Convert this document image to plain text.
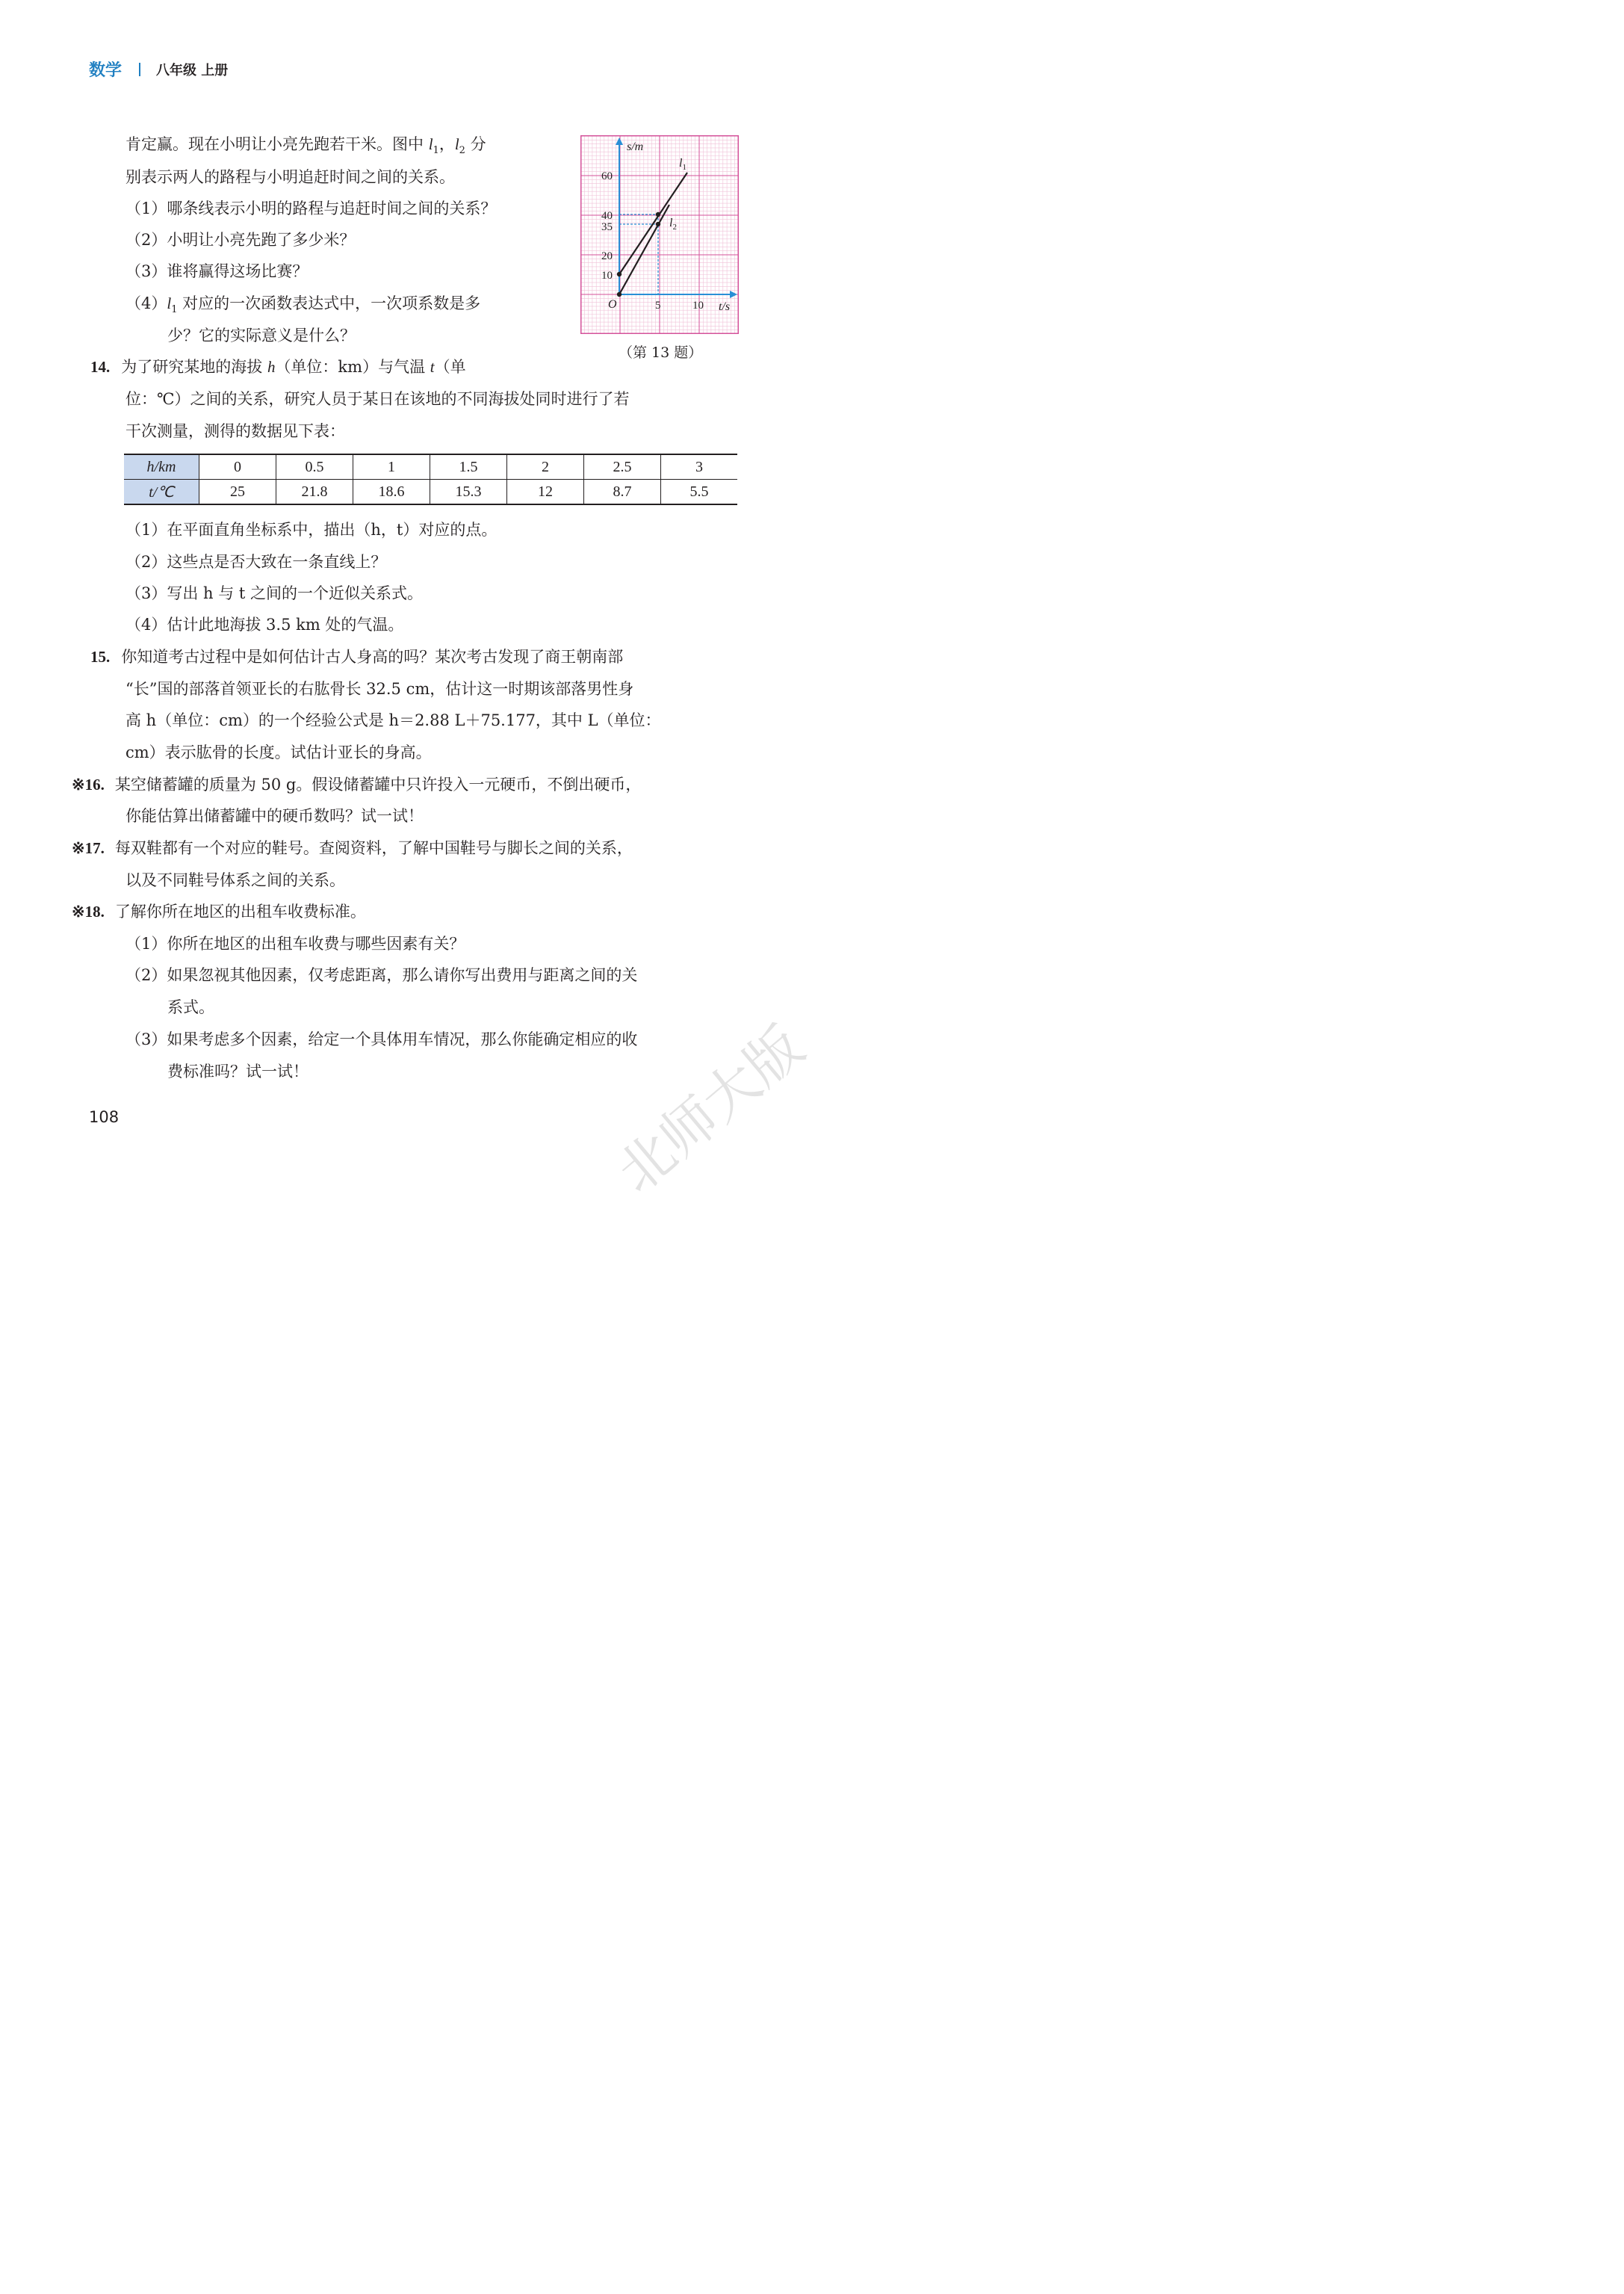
数学	八年级 上册
肯定赢。现在小明让小亮先跑若干米。图中 $l_1$，$l_2$ 分
别表示两人的路程与小明追赶时间之间的关系。
（1）哪条线表示小明的路程与追赶时间之间的关系？
（2）小明让小亮先跑了多少米？
（3）谁将赢得这场比赛？
$(4)l_1$ 对应的一次函数表达式中，一次项系数是多
少？它的实际意义是什么？
s/m
t/s
O
60
40
35
20
10
5	10
$l_1$
$l_2$
（第 13 题）
14. 为了研究某地的海拔 h（单位：km）与气温 t（单
位：℃）之间的关系，研究人员于某日在该地的不同海拔处同时进行了若
干次测量，测得的数据见下表：
h/km	0	0.5	1	1.5	2	2.5	3
t/℃	25	21.8	18.6	15.3	12	8.7	5.5
（1）在平面直角坐标系中，描出（h，t）对应的点。
（2）这些点是否大致在一条直线上？
（3）写出 h 与 t 之间的一个近似关系式。
（4）估计此地海拔 3.5 km 处的气温。
15. 你知道考古过程中是如何估计古人身高的吗？某次考古发现了商王朝南部
“长”国的部落首领亚长的右肱骨长 32.5 cm，估计这一时期该部落男性身
高 h（单位：cm）的一个经验公式是 h＝2.88 L＋75.177，其中 L（单位：
cm）表示肱骨的长度。试估计亚长的身高。
※16. 某空储蓄罐的质量为 50 g。假设储蓄罐中只许投入一元硬币，不倒出硬币，
你能估算出储蓄罐中的硬币数吗？试一试！
※17. 每双鞋都有一个对应的鞋号。查阅资料，了解中国鞋号与脚长之间的关系，
以及不同鞋号体系之间的关系。
※18. 了解你所在地区的出租车收费标准。
（1）你所在地区的出租车收费与哪些因素有关？
（2）如果忽视其他因素，仅考虑距离，那么请你写出费用与距离之间的关
系式。
（3）如果考虑多个因素，给定一个具体用车情况，那么你能确定相应的收
费标准吗？试一试！
108	北师大版
